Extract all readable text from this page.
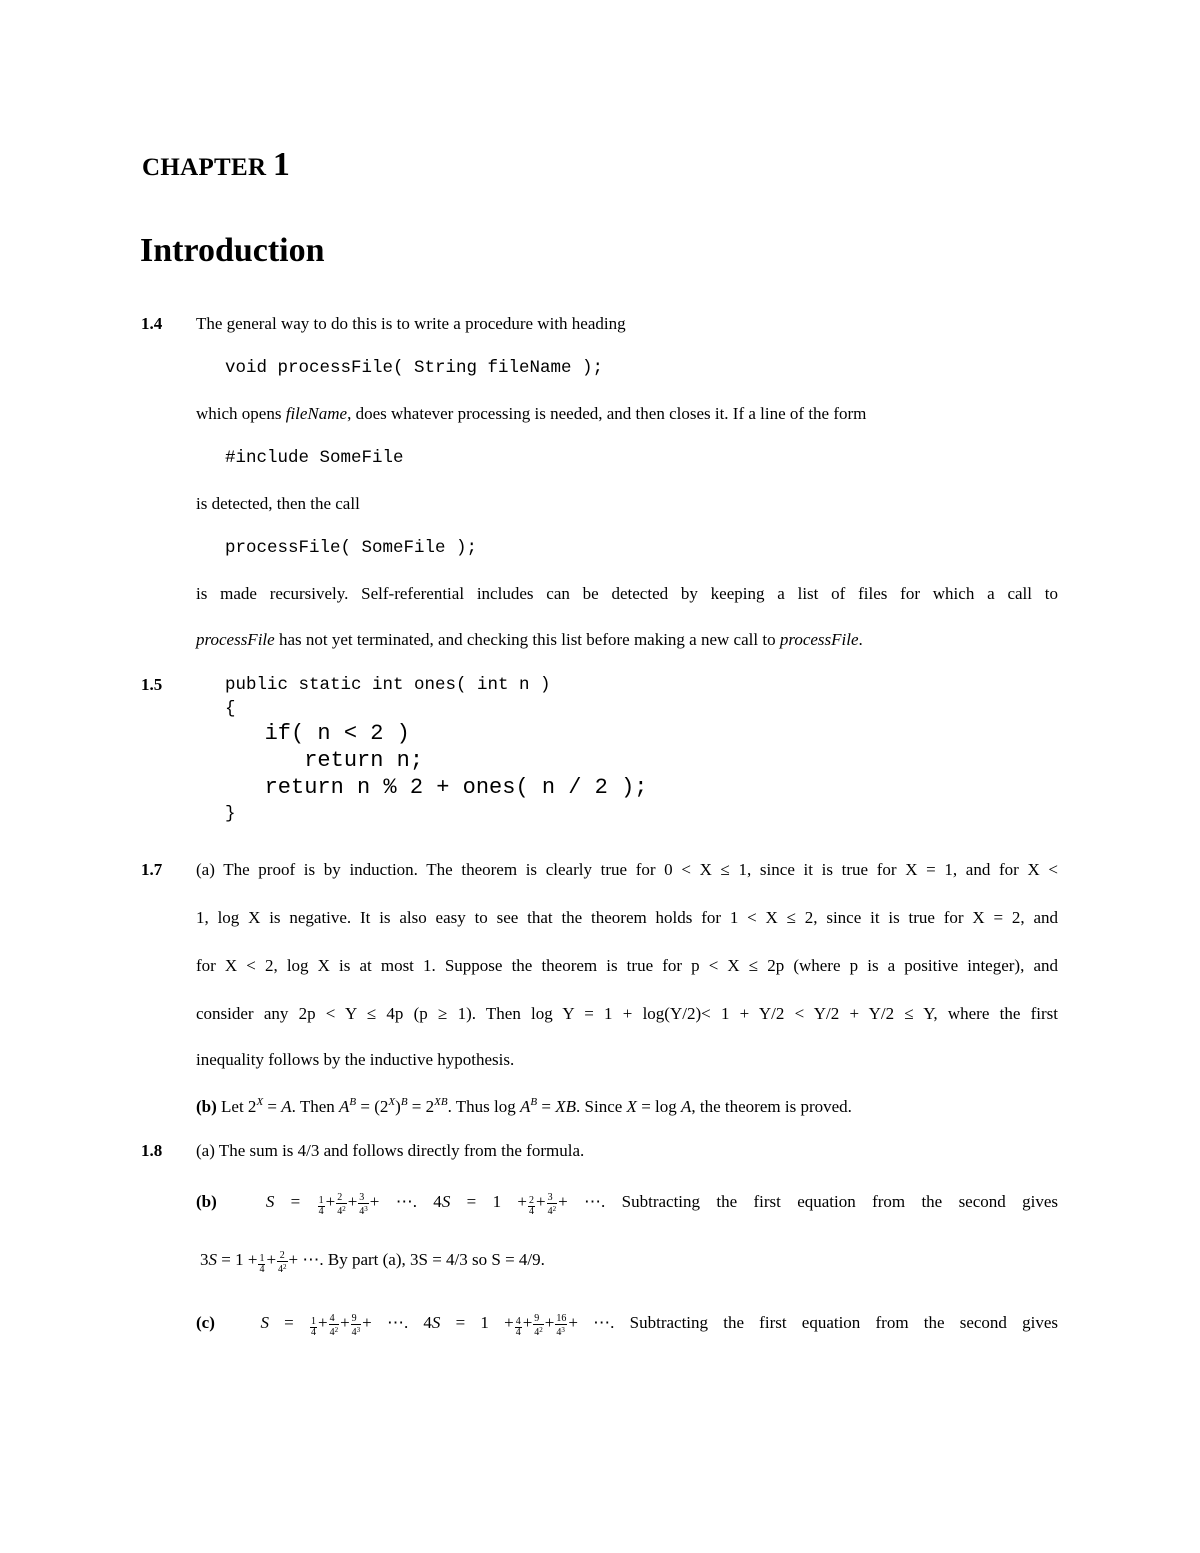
CHAPTER 1
Introduction
1.4 The general way to do this is to write a procedure with heading
void processFile( String fileName );
which opens fileName, does whatever processing is needed, and then closes it. If a line of the form
#include SomeFile
is detected, then the call
processFile( SomeFile );
is made recursively. Self-referential includes can be detected by keeping a list of files for which a call to
processFile has not yet terminated, and checking this list before making a new call to processFile.
1.5	public static int ones( int n )
{
if( n < 2 )
return n;
return n % 2 + ones( n / 2 );
}
1.7 (a) The proof is by induction. The theorem is clearly true for 0 < X ≤ 1, since it is true for X = 1, and for X <
1, log X is negative. It is also easy to see that the theorem holds for 1 < X ≤ 2, since it is true for X = 2, and
for X < 2, log X is at most 1. Suppose the theorem is true for p < X ≤ 2p (where p is a positive integer), and
consider any 2p < Y ≤ 4p (p ≥ 1). Then log Y = 1 + log(Y/2)< 1 + Y/2 < Y/2 + Y/2 ≤ Y, where the first
inequality follows by the inductive hypothesis.
(b) Let $2^X = A$. Then $A^B = (2^X)^B = 2^{XB}$. Thus $\log A^B$ = XB. Since X = log A, the theorem is proved.
1.8 (a) The sum is 4/3 and follows directly from the formula.
(b)	$S = \frac{1}{4} + \frac{2}{4^2} + \frac{3}{4^3}$ + ⋯. $4S = 1 + \frac{2}{4} + \frac{3}{4^2}$ + ⋯. Subtracting the first equation from the second gives
$3S = 1 + \frac{1}{4} + \frac{2}{4^2}$ + ⋯. By part (a), 3S = 4/3 so S = 4/9.
(c)	$S = \frac{1}{4} + \frac{4}{4^2} + \frac{9}{4^3}$ + ⋯. $4S = 1 + \frac{4}{4} + \frac{9}{4^2} + \frac{16}{4^3}$ + ⋯. Subtracting the first equation from the second gives
